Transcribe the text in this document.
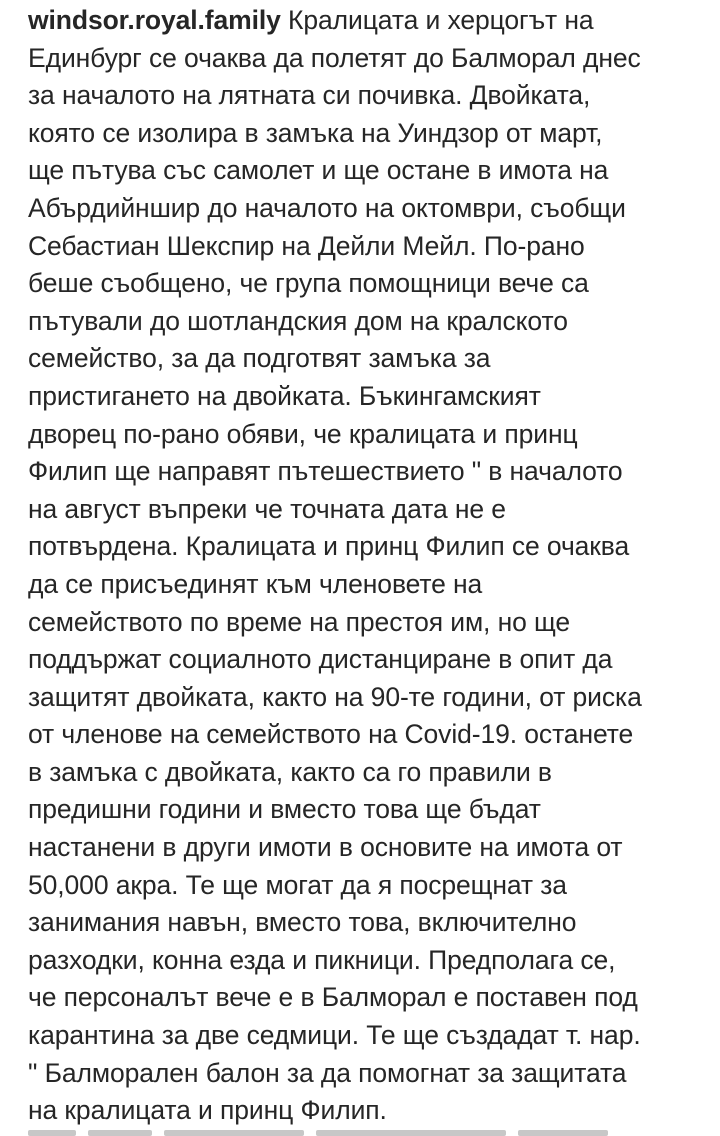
windsor.royal.family Кралицата и херцогът на
Единбург се очаква да полетят до Балморал днес
за началото на лятната си почивка. Двойката,
която се изолира в замъка на Уиндзор от март,
ще пътува със самолет и ще остане в имота на
Абърдийншир до началото на октомври, съобщи
Себастиан Шекспир на Дейли Мейл. По-рано
беше съобщено, че група помощници вече са
пътували до шотландския дом на кралското
семейство, за да подготвят замъка за
пристигането на двойката. Бъкингамският
дворец по-рано обяви, че кралицата и принц
Филип ще направят пътешествието " в началото
на август въпреки че точната дата не е
потвърдена. Кралицата и принц Филип се очаква
да се присъединят към членовете на
семейството по време на престоя им, но ще
поддържат социалното дистанциране в опит да
защитят двойката, както на 90-те години, от риска
от членове на семейството на Covid-19. останете
в замъка с двойката, както са го правили в
предишни години и вместо това ще бъдат
настанени в други имоти в основите на имота от
50,000 акра. Те ще могат да я посрещнат за
занимания навън, вместо това, включително
разходки, конна езда и пикници. Предполага се,
че персоналът вече е в Балморал е поставен под
карантина за две седмици. Те ще създадат т. нар.
" Балморален балон за да помогнат за защитата
на кралицата и принц Филип.
